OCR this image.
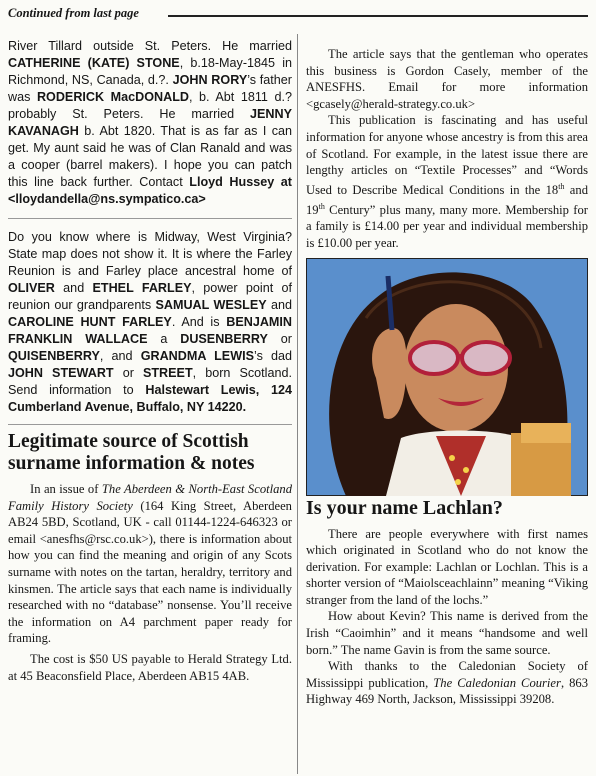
Continued from last page

River Tillard outside St. Peters. He married CATHERINE (KATE) STONE, b.18-May-1845 in Richmond, NS, Canada, d.?. JOHN RORY’s father was RODERICK MacDONALD, b. Abt 1811 d.? probably St. Peters. He married JENNY KAVANAGH b. Abt 1820. That is as far as I can get. My aunt said he was of Clan Ranald and was a cooper (barrel makers). I hope you can patch this line back further. Contact Lloyd Hussey at <lloydandella@ns.sympatico.ca>

Do you know where is Midway, West Virginia? State map does not show it. It is where the Farley Reunion is and Farley place ancestral home of OLIVER and ETHEL FARLEY, power point of reunion our grandparents SAMUAL WESLEY and CAROLINE HUNT FARLEY. And is BENJAMIN FRANKLIN WALLACE a DUSENBERRY or QUISENBERRY, and GRANDMA LEWIS’s dad JOHN STEWART or STREET, born Scotland. Send information to Halstewart Lewis, 124 Cumberland Avenue, Buffalo, NY 14220.

Legitimate source of Scottish surname information & notes

In an issue of The Aberdeen & North-East Scotland Family History Society (164 King Street, Aberdeen AB24 5BD, Scotland, UK - call 01144-1224-646323 or email <anesfhs@rsc.co.uk>), there is information about how you can find the meaning and origin of any Scots surname with notes on the tartan, heraldry, territory and kinsmen. The article says that each name is individually researched with no “database” nonsense. You’ll receive the information on A4 parchment paper ready for framing.

The cost is $50 US payable to Herald Strategy Ltd. at 45 Beaconsfield Place, Aberdeen AB15 4AB.

The article says that the gentleman who operates this business is Gordon Casely, member of the ANESFHS. Email for more information <gcasely@herald-strategy.co.uk>

This publication is fascinating and has useful information for anyone whose ancestry is from this area of Scotland. For example, in the latest issue there are lengthy articles on “Textile Processes” and “Words Used to Describe Medical Conditions in the 18th and 19th Century” plus many, many more. Membership for a family is £14.00 per year and individual membership is £10.00 per year.

Is your name Lachlan?

There are people everywhere with first names which originated in Scotland who do not know the derivation. For example: Lachlan or Lochlan. This is a shorter version of “Maiolsceachlainn” meaning “Viking stranger from the land of the lochs.”

How about Kevin? This name is derived from the Irish “Caoimhin” and it means “handsome and well born.” The name Gavin is from the same source.

With thanks to the Caledonian Society of Mississippi publication, The Caledonian Courier, 863 Highway 469 North, Jackson, Mississippi 39208.
